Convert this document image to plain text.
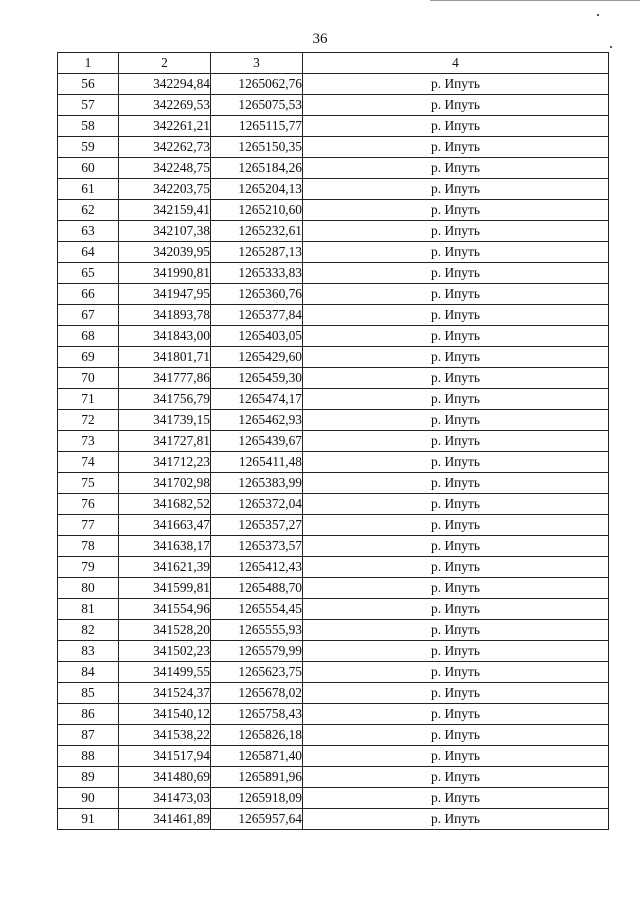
36
1	2	3	4
56	342294,84	1265062,76	р. Ипуть
57	342269,53	1265075,53	р. Ипуть
58	342261,21	1265115,77	р. Ипуть
59	342262,73	1265150,35	р. Ипуть
60	342248,75	1265184,26	р. Ипуть
61	342203,75	1265204,13	р. Ипуть
62	342159,41	1265210,60	р. Ипуть
63	342107,38	1265232,61	р. Ипуть
64	342039,95	1265287,13	р. Ипуть
65	341990,81	1265333,83	р. Ипуть
66	341947,95	1265360,76	р. Ипуть
67	341893,78	1265377,84	р. Ипуть
68	341843,00	1265403,05	р. Ипуть
69	341801,71	1265429,60	р. Ипуть
70	341777,86	1265459,30	р. Ипуть
71	341756,79	1265474,17	р. Ипуть
72	341739,15	1265462,93	р. Ипуть
73	341727,81	1265439,67	р. Ипуть
74	341712,23	1265411,48	р. Ипуть
75	341702,98	1265383,99	р. Ипуть
76	341682,52	1265372,04	р. Ипуть
77	341663,47	1265357,27	р. Ипуть
78	341638,17	1265373,57	р. Ипуть
79	341621,39	1265412,43	р. Ипуть
80	341599,81	1265488,70	р. Ипуть
81	341554,96	1265554,45	р. Ипуть
82	341528,20	1265555,93	р. Ипуть
83	341502,23	1265579,99	р. Ипуть
84	341499,55	1265623,75	р. Ипуть
85	341524,37	1265678,02	р. Ипуть
86	341540,12	1265758,43	р. Ипуть
87	341538,22	1265826,18	р. Ипуть
88	341517,94	1265871,40	р. Ипуть
89	341480,69	1265891,96	р. Ипуть
90	341473,03	1265918,09	р. Ипуть
91	341461,89	1265957,64	р. Ипуть
